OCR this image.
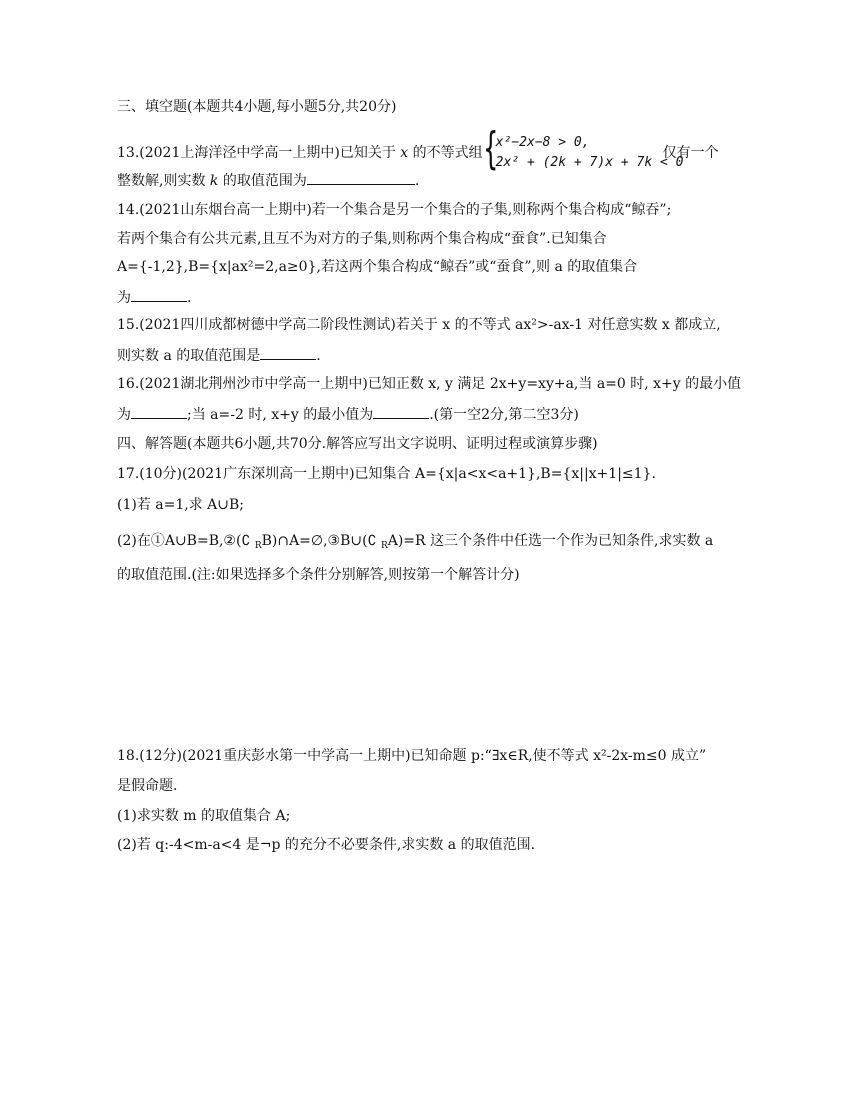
三、填空题(本题共4小题,每小题5分,共20分)
13.(2021上海洋泾中学高一上期中)已知关于 x 的不等式组 {
x²−2x−8 > 0,
2x² + (2k + 7)x + 7k < 0
仅有一个
整数解,则实数 k 的取值范围为	.
14.(2021山东烟台高一上期中)若一个集合是另一个集合的子集,则称两个集合构成“鲸吞”;
若两个集合有公共元素,且互不为对方的子集,则称两个集合构成“蚕食”.已知集合
A={-1,2},B={x|ax²=2,a≥0},若这两个集合构成“鲸吞”或“蚕食”,则 a 的取值集合
为	.
15.(2021四川成都树德中学高二阶段性测试)若关于 x 的不等式 ax²>-ax-1 对任意实数 x 都成立,
则实数 a 的取值范围是	.
16.(2021湖北荆州沙市中学高一上期中)已知正数 x, y 满足 2x+y=xy+a,当 a=0 时, x+y 的最小值
为	;当 a=-2 时, x+y 的最小值为	.(第一空2分,第二空3分)
四、解答题(本题共6小题,共70分.解答应写出文字说明、证明过程或演算步骤)
17.(10分)(2021广东深圳高一上期中)已知集合 A={x|a<x<a+1},B={x||x+1|≤1}.
(1)若 a=1,求 A∪B;
(2)在①A∪B=B,②(∁ $_R$B)∩A=∅,③B∪(∁ $_R$A)=R 这三个条件中任选一个作为已知条件,求实数 a
的取值范围.(注:如果选择多个条件分别解答,则按第一个解答计分)
18.(12分)(2021重庆彭水第一中学高一上期中)已知命题 p:“∃x∈R,使不等式 x²-2x-m≤0 成立”
是假命题.
(1)求实数 m 的取值集合 A;
(2)若 q:-4<m-a<4 是¬p 的充分不必要条件,求实数 a 的取值范围.
